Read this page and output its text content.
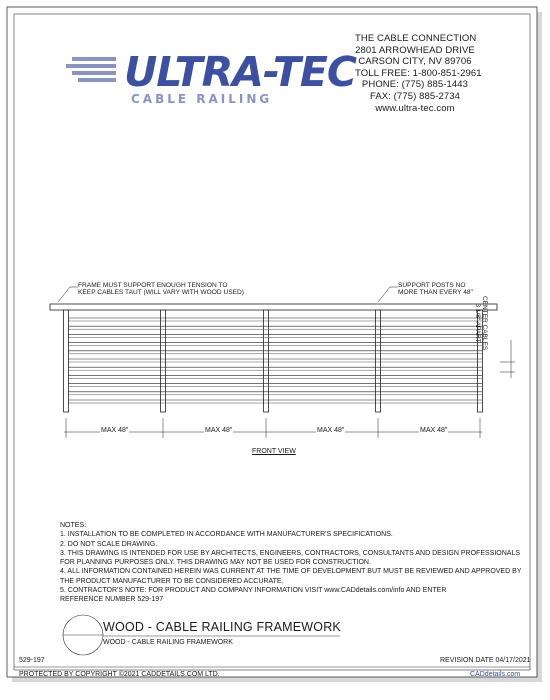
ULTRA-TEC
CABLE RAILING
THE CABLE CONNECTION
2801 ARROWHEAD DRIVE
CARSON CITY, NV 89706
TOLL FREE: 1-800-851-2961
PHONE: (775) 885-1443
FAX: (775) 885-2734
www.ultra-tec.com
FRAME MUST SUPPORT ENOUGH TENSION TO
KEEP CABLES TAUT (WILL VARY WITH WOOD USED)
SUPPORT POSTS NO
MORE THAN EVERY 48"
CENTER CABLES
3 1/8" APART
MAX 48"	MAX 48"	MAX 48"	MAX 48"
FRONT VIEW
NOTES:
1. INSTALLATION TO BE COMPLETED IN ACCORDANCE WITH MANUFACTURER'S SPECIFICATIONS.
2. DO NOT SCALE DRAWING.
3. THIS DRAWING IS INTENDED FOR USE BY ARCHITECTS, ENGINEERS, CONTRACTORS, CONSULTANTS AND DESIGN PROFESSIONALS
FOR PLANNING PURPOSES ONLY. THIS DRAWING MAY NOT BE USED FOR CONSTRUCTION.
4. ALL INFORMATION CONTAINED HEREIN WAS CURRENT AT THE TIME OF DEVELOPMENT BUT MUST BE REVIEWED AND APPROVED BY
THE PRODUCT MANUFACTURER TO BE CONSIDERED ACCURATE.
5. CONTRACTOR'S NOTE: FOR PRODUCT AND COMPANY INFORMATION VISIT www.CADdetails.com/info AND ENTER
REFERENCE NUMBER 529-197
WOOD - CABLE RAILING FRAMEWORK
WOOD - CABLE RAILING FRAMEWORK
529-197	REVISION DATE 04/17/2021
PROTECTED BY COPYRIGHT ©2021 CADDETAILS.COM LTD.	CADdetails.com
